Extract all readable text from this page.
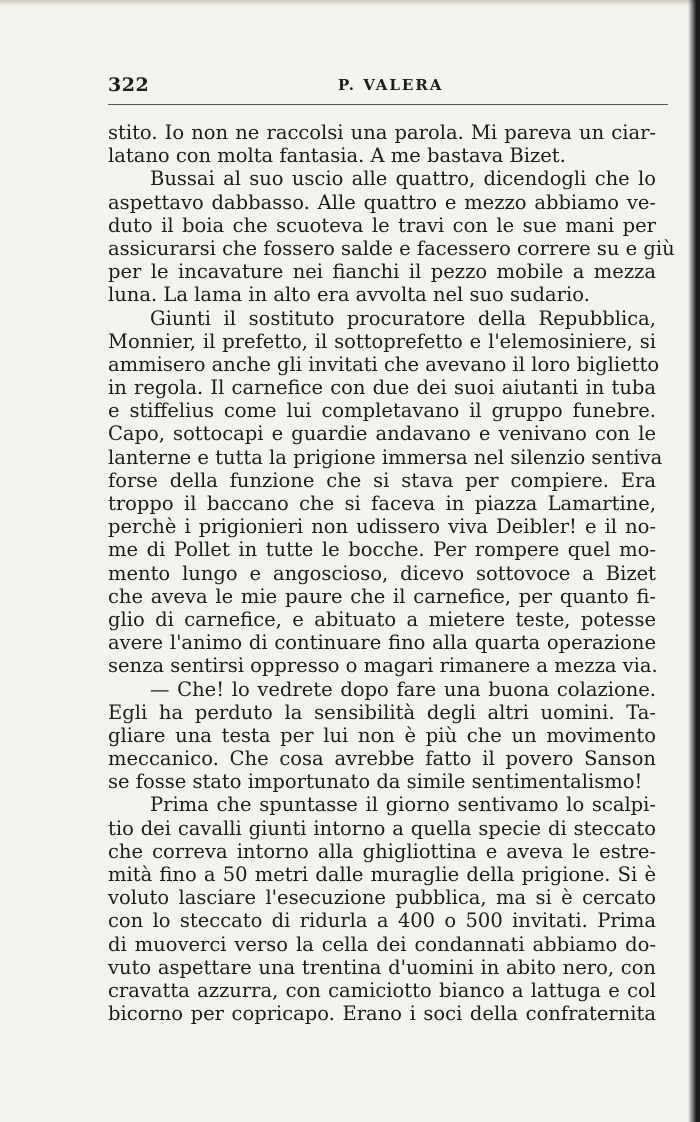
322	P. VALERA
stito. Io non ne raccolsi una parola. Mi pareva un ciar-
latano con molta fantasia. A me bastava Bizet.
Bussai al suo uscio alle quattro, dicendogli che lo
aspettavo dabbasso. Alle quattro e mezzo abbiamo ve-
duto il boia che scuoteva le travi con le sue mani per
assicurarsi che fossero salde e facessero correre su e giù
per le incavature nei fianchi il pezzo mobile a mezza
luna. La lama in alto era avvolta nel suo sudario.
Giunti il sostituto procuratore della Repubblica,
Monnier, il prefetto, il sottoprefetto e l'elemosiniere, si
ammisero anche gli invitati che avevano il loro biglietto
in regola. Il carnefice con due dei suoi aiutanti in tuba
e stiffelius come lui completavano il gruppo funebre.
Capo, sottocapi e guardie andavano e venivano con le
lanterne e tutta la prigione immersa nel silenzio sentiva
forse della funzione che si stava per compiere. Era
troppo il baccano che si faceva in piazza Lamartine,
perchè i prigionieri non udissero viva Deibler! e il no-
me di Pollet in tutte le bocche. Per rompere quel mo-
mento lungo e angoscioso, dicevo sottovoce a Bizet
che aveva le mie paure che il carnefice, per quanto fi-
glio di carnefice, e abituato a mietere teste, potesse
avere l'animo di continuare fino alla quarta operazione
senza sentirsi oppresso o magari rimanere a mezza via.
— Che! lo vedrete dopo fare una buona colazione.
Egli ha perduto la sensibilità degli altri uomini. Ta-
gliare una testa per lui non è più che un movimento
meccanico. Che cosa avrebbe fatto il povero Sanson
se fosse stato importunato da simile sentimentalismo!
Prima che spuntasse il giorno sentivamo lo scalpi-
tio dei cavalli giunti intorno a quella specie di steccato
che correva intorno alla ghigliottina e aveva le estre-
mità fino a 50 metri dalle muraglie della prigione. Si è
voluto lasciare l'esecuzione pubblica, ma si è cercato
con lo steccato di ridurla a 400 o 500 invitati. Prima
di muoverci verso la cella dei condannati abbiamo do-
vuto aspettare una trentina d'uomini in abito nero, con
cravatta azzurra, con camiciotto bianco a lattuga e col
bicorno per copricapo. Erano i soci della confraternita
